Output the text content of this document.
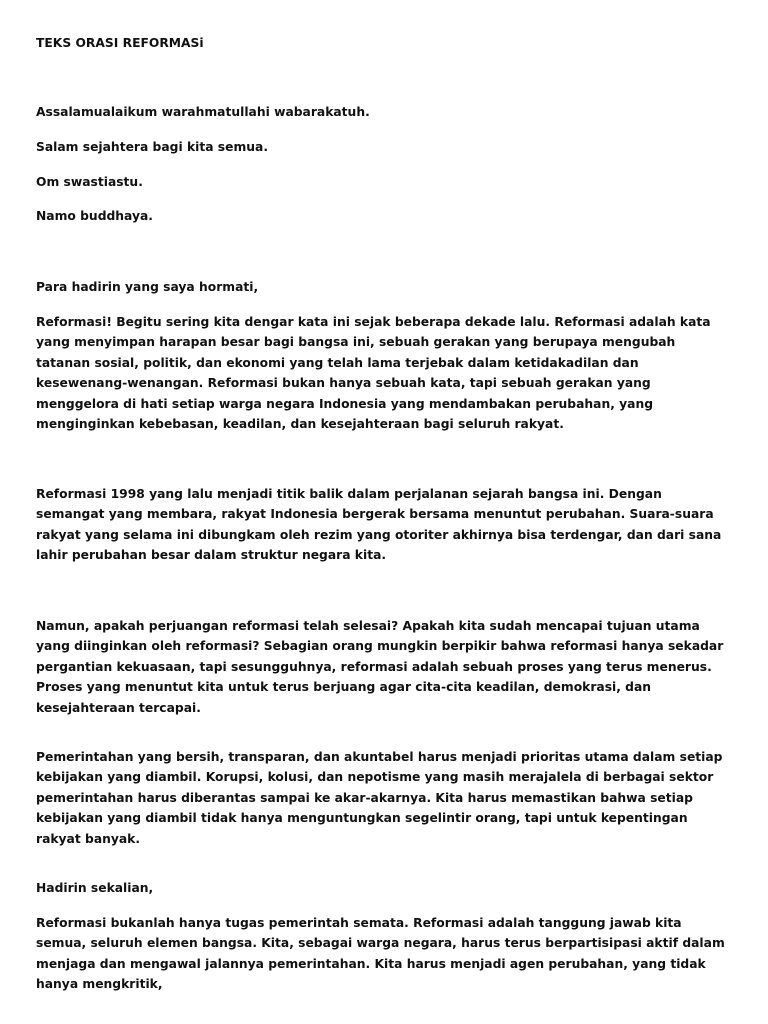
TEKS ORASI REFORMASi

Assalamualaikum warahmatullahi wabarakatuh.

Salam sejahtera bagi kita semua.

Om swastiastu.

Namo buddhaya.

Para hadirin yang saya hormati,

Reformasi! Begitu sering kita dengar kata ini sejak beberapa dekade lalu. Reformasi adalah kata yang menyimpan harapan besar bagi bangsa ini, sebuah gerakan yang berupaya mengubah tatanan sosial, politik, dan ekonomi yang telah lama terjebak dalam ketidakadilan dan kesewenang-wenangan. Reformasi bukan hanya sebuah kata, tapi sebuah gerakan yang menggelora di hati setiap warga negara Indonesia yang mendambakan perubahan, yang menginginkan kebebasan, keadilan, dan kesejahteraan bagi seluruh rakyat.

Reformasi 1998 yang lalu menjadi titik balik dalam perjalanan sejarah bangsa ini. Dengan semangat yang membara, rakyat Indonesia bergerak bersama menuntut perubahan. Suara-suara rakyat yang selama ini dibungkam oleh rezim yang otoriter akhirnya bisa terdengar, dan dari sana lahir perubahan besar dalam struktur negara kita.

Namun, apakah perjuangan reformasi telah selesai? Apakah kita sudah mencapai tujuan utama yang diinginkan oleh reformasi? Sebagian orang mungkin berpikir bahwa reformasi hanya sekadar pergantian kekuasaan, tapi sesungguhnya, reformasi adalah sebuah proses yang terus menerus. Proses yang menuntut kita untuk terus berjuang agar cita-cita keadilan, demokrasi, dan kesejahteraan tercapai.

Pemerintahan yang bersih, transparan, dan akuntabel harus menjadi prioritas utama dalam setiap kebijakan yang diambil. Korupsi, kolusi, dan nepotisme yang masih merajalela di berbagai sektor pemerintahan harus diberantas sampai ke akar-akarnya. Kita harus memastikan bahwa setiap kebijakan yang diambil tidak hanya menguntungkan segelintir orang, tapi untuk kepentingan rakyat banyak.

Hadirin sekalian,

Reformasi bukanlah hanya tugas pemerintah semata. Reformasi adalah tanggung jawab kita semua, seluruh elemen bangsa. Kita, sebagai warga negara, harus terus berpartisipasi aktif dalam menjaga dan mengawal jalannya pemerintahan. Kita harus menjadi agen perubahan, yang tidak hanya mengkritik,
